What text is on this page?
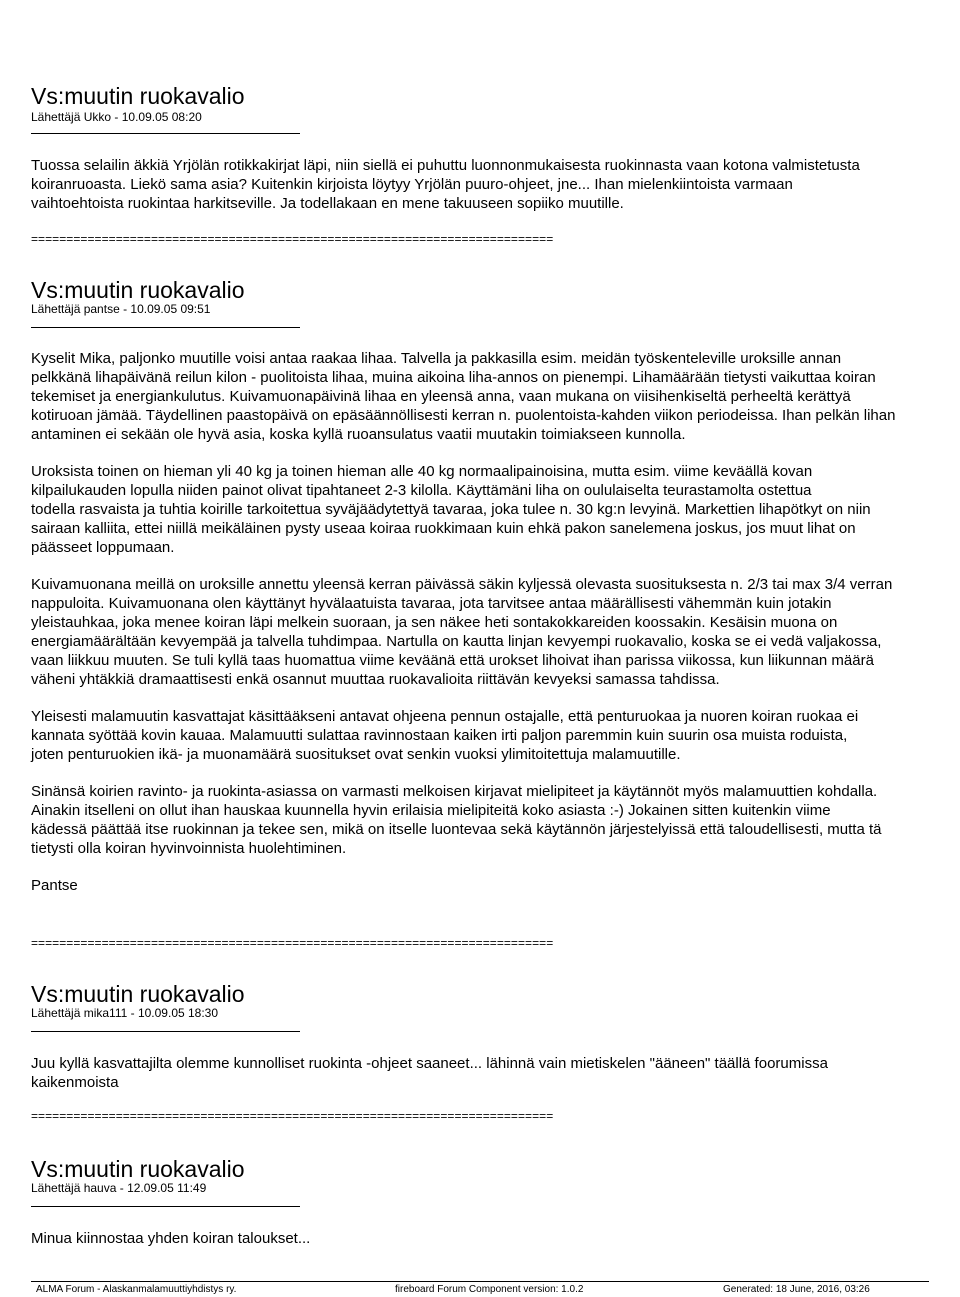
Vs:muutin ruokavalio
Lähettäjä Ukko - 10.09.05 08:20

Tuossa selailin äkkiä Yrjölän rotikkakirjat läpi, niin siellä ei puhuttu luonnonmukaisesta ruokinnasta vaan kotona valmistetusta

koiranruoasta. Liekö sama asia? Kuitenkin kirjoista löytyy Yrjölän puuro-ohjeet, jne... Ihan mielenkiintoista varmaan

vaihtoehtoista ruokintaa harkitseville. Ja todellakaan en mene takuuseen sopiiko muutille.

==========================================================================
Vs:muutin ruokavalio
Lähettäjä pantse - 10.09.05 09:51

Kyselit Mika, paljonko muutille voisi antaa raakaa lihaa. Talvella ja pakkasilla esim. meidän työskenteleville uroksille annan

pelkkänä lihapäivänä reilun kilon - puolitoista lihaa, muina aikoina liha-annos on pienempi. Lihamäärään tietysti vaikuttaa koiran

tekemiset ja energiankulutus. Kuivamuonapäivinä lihaa en yleensä anna, vaan mukana on viisihenkiseltä perheeltä kerättyä

kotiruoan jämää. Täydellinen paastopäivä on epäsäännöllisesti kerran n. puolentoista-kahden viikon periodeissa. Ihan pelkän lihan

antaminen ei sekään ole hyvä asia, koska kyllä ruoansulatus vaatii muutakin toimiakseen kunnolla.

Uroksista toinen on hieman yli 40 kg ja toinen hieman alle 40 kg normaalipainoisina, mutta esim. viime keväällä kovan

kilpailukauden lopulla niiden painot olivat tipahtaneet 2-3 kilolla. Käyttämäni liha on oululaiselta teurastamolta ostettua

todella rasvaista ja tuhtia koirille tarkoitettua syväjäädytettyä tavaraa, joka tulee n. 30 kg:n levyinä. Markettien lihapötkyt on niin

sairaan kalliita, ettei niillä meikäläinen pysty useaa koiraa ruokkimaan kuin ehkä pakon sanelemena joskus, jos muut lihat on

päässeet loppumaan.

Kuivamuonana meillä on uroksille annettu yleensä kerran päivässä säkin kyljessä olevasta suosituksesta n. 2/3 tai max 3/4 verran

nappuloita. Kuivamuonana olen käyttänyt hyvälaatuista tavaraa, jota tarvitsee antaa määrällisesti vähemmän kuin jotakin

yleistauhkaa, joka menee koiran läpi melkein suoraan, ja sen näkee heti sontakokkareiden koossakin. Kesäisin muona on

energiamäärältään kevyempää ja talvella tuhdimpaa. Nartulla on kautta linjan kevyempi ruokavalio, koska se ei vedä valjakossa,

vaan liikkuu muuten. Se tuli kyllä taas huomattua viime keväänä että urokset lihoivat ihan parissa viikossa, kun liikunnan määrä

väheni yhtäkkiä dramaattisesti enkä osannut muuttaa ruokavalioita riittävän kevyeksi samassa tahdissa.

Yleisesti malamuutin kasvattajat käsittääkseni antavat ohjeena pennun ostajalle, että penturuokaa ja nuoren koiran ruokaa ei

kannata syöttää kovin kauaa. Malamuutti sulattaa ravinnostaan kaiken irti paljon paremmin kuin suurin osa muista roduista,

joten penturuokien ikä- ja muonamäärä suositukset ovat senkin vuoksi ylimitoitettuja malamuutille.

Sinänsä koirien ravinto- ja ruokinta-asiassa on varmasti melkoisen kirjavat mielipiteet ja käytännöt myös malamuuttien kohdalla.

Ainakin itselleni on ollut ihan hauskaa kuunnella hyvin erilaisia mielipiteitä koko asiasta :-) Jokainen sitten kuitenkin viime

kädessä päättää itse ruokinnan ja tekee sen, mikä on itselle luontevaa sekä käytännön järjestelyissä että taloudellisesti, mutta tä

tietysti olla koiran hyvinvoinnista huolehtiminen.

Pantse

==========================================================================
Vs:muutin ruokavalio
Lähettäjä mika111 - 10.09.05 18:30

Juu kyllä kasvattajilta olemme kunnolliset ruokinta -ohjeet saaneet... lähinnä vain mietiskelen "ääneen" täällä foorumissa

kaikenmoista

==========================================================================
Vs:muutin ruokavalio
Lähettäjä hauva - 12.09.05 11:49

Minua kiinnostaa yhden koiran taloukset...

ALMA Forum - Alaskanmalamuuttiyhdistys ry.	fireboard Forum Component version: 1.0.2	Generated: 18 June, 2016, 03:26
